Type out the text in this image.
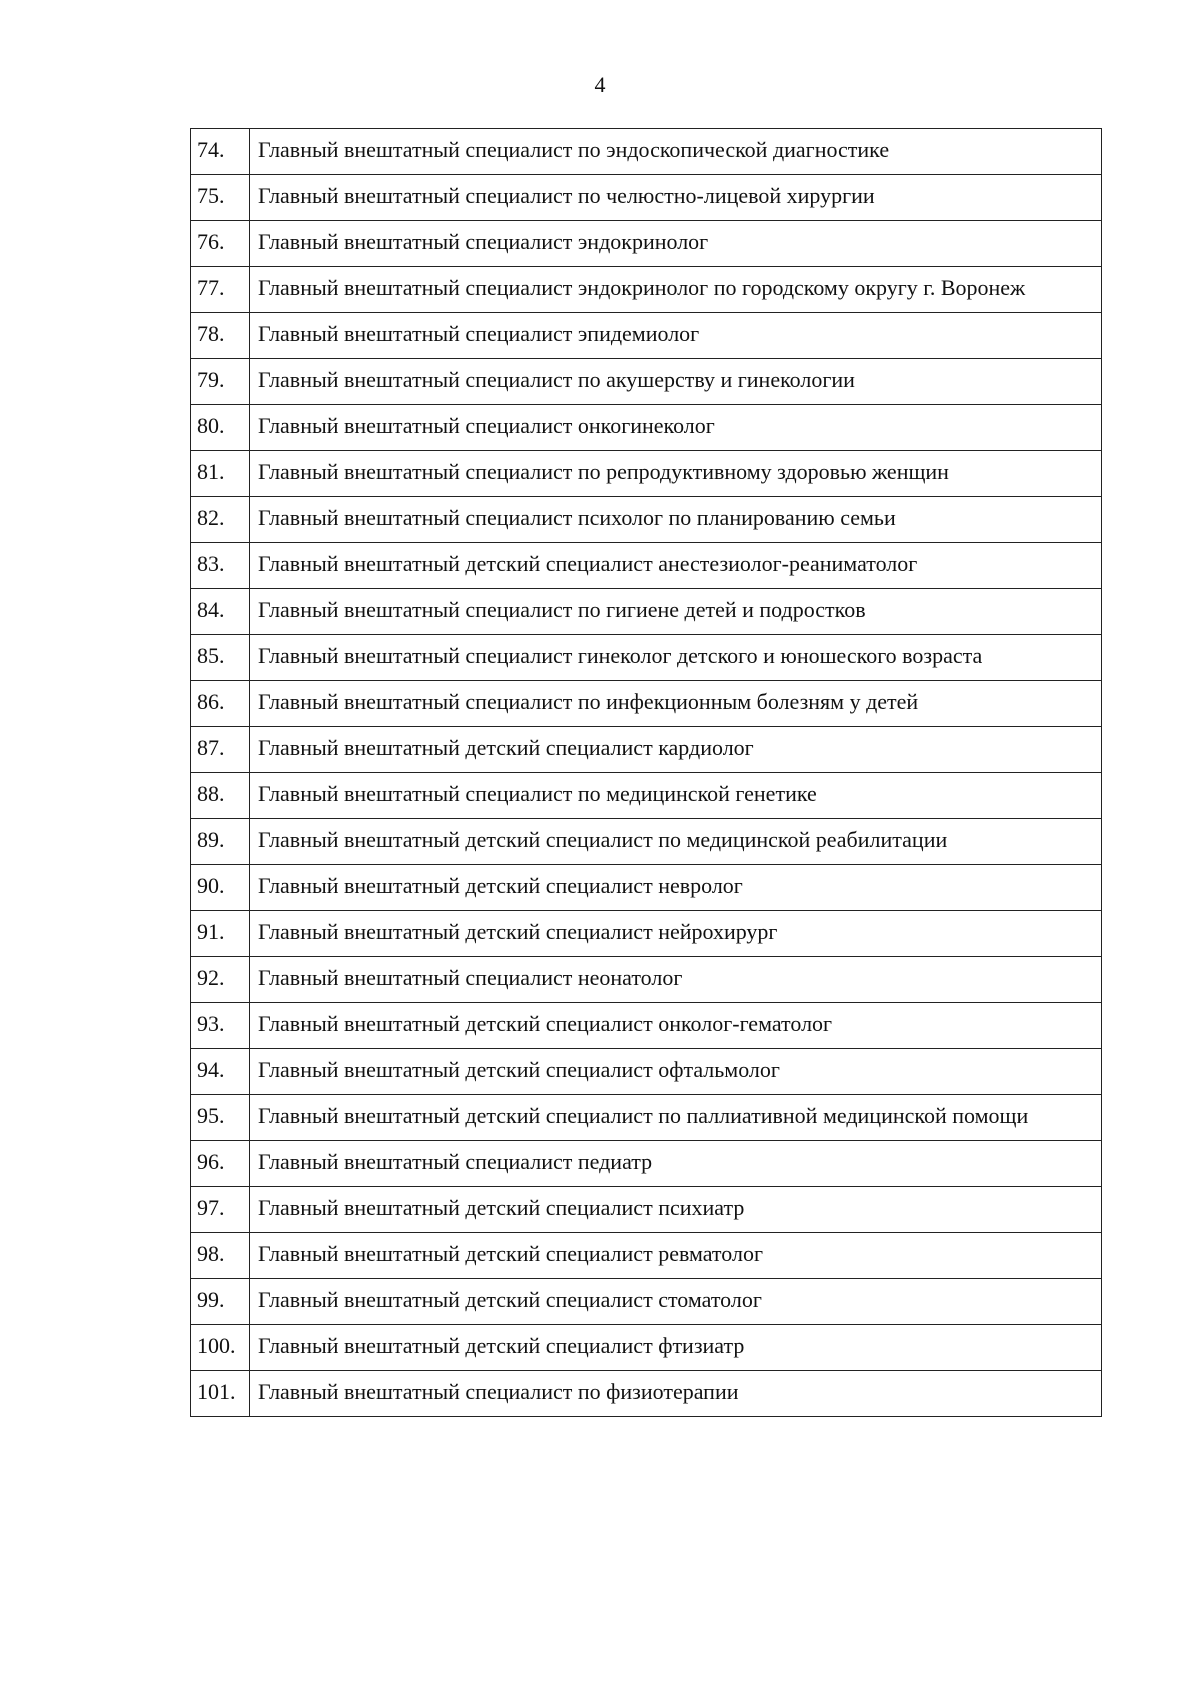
4
74.	Главный внештатный специалист по эндоскопической диагностике
75.	Главный внештатный специалист по челюстно-лицевой хирургии
76.	Главный внештатный специалист эндокринолог
77.	Главный внештатный специалист эндокринолог по городскому округу г. Воронеж
78.	Главный внештатный специалист эпидемиолог
79.	Главный внештатный специалист по акушерству и гинекологии
80.	Главный внештатный специалист онкогинеколог
81.	Главный внештатный специалист по репродуктивному здоровью женщин
82.	Главный внештатный специалист психолог по планированию семьи
83.	Главный внештатный детский специалист анестезиолог-реаниматолог
84.	Главный внештатный специалист по гигиене детей и подростков
85.	Главный внештатный специалист гинеколог детского и юношеского возраста
86.	Главный внештатный специалист по инфекционным болезням у детей
87.	Главный внештатный детский специалист кардиолог
88.	Главный внештатный специалист по медицинской генетике
89.	Главный внештатный детский специалист по медицинской реабилитации
90.	Главный внештатный детский специалист невролог
91.	Главный внештатный детский специалист нейрохирург
92.	Главный внештатный специалист неонатолог
93.	Главный внештатный детский специалист онколог-гематолог
94.	Главный внештатный детский специалист офтальмолог
95.	Главный внештатный детский специалист по паллиативной медицинской помощи
96.	Главный внештатный специалист педиатр
97.	Главный внештатный детский специалист психиатр
98.	Главный внештатный детский специалист ревматолог
99.	Главный внештатный детский специалист стоматолог
100.	Главный внештатный детский специалист фтизиатр
101.	Главный внештатный специалист по физиотерапии
